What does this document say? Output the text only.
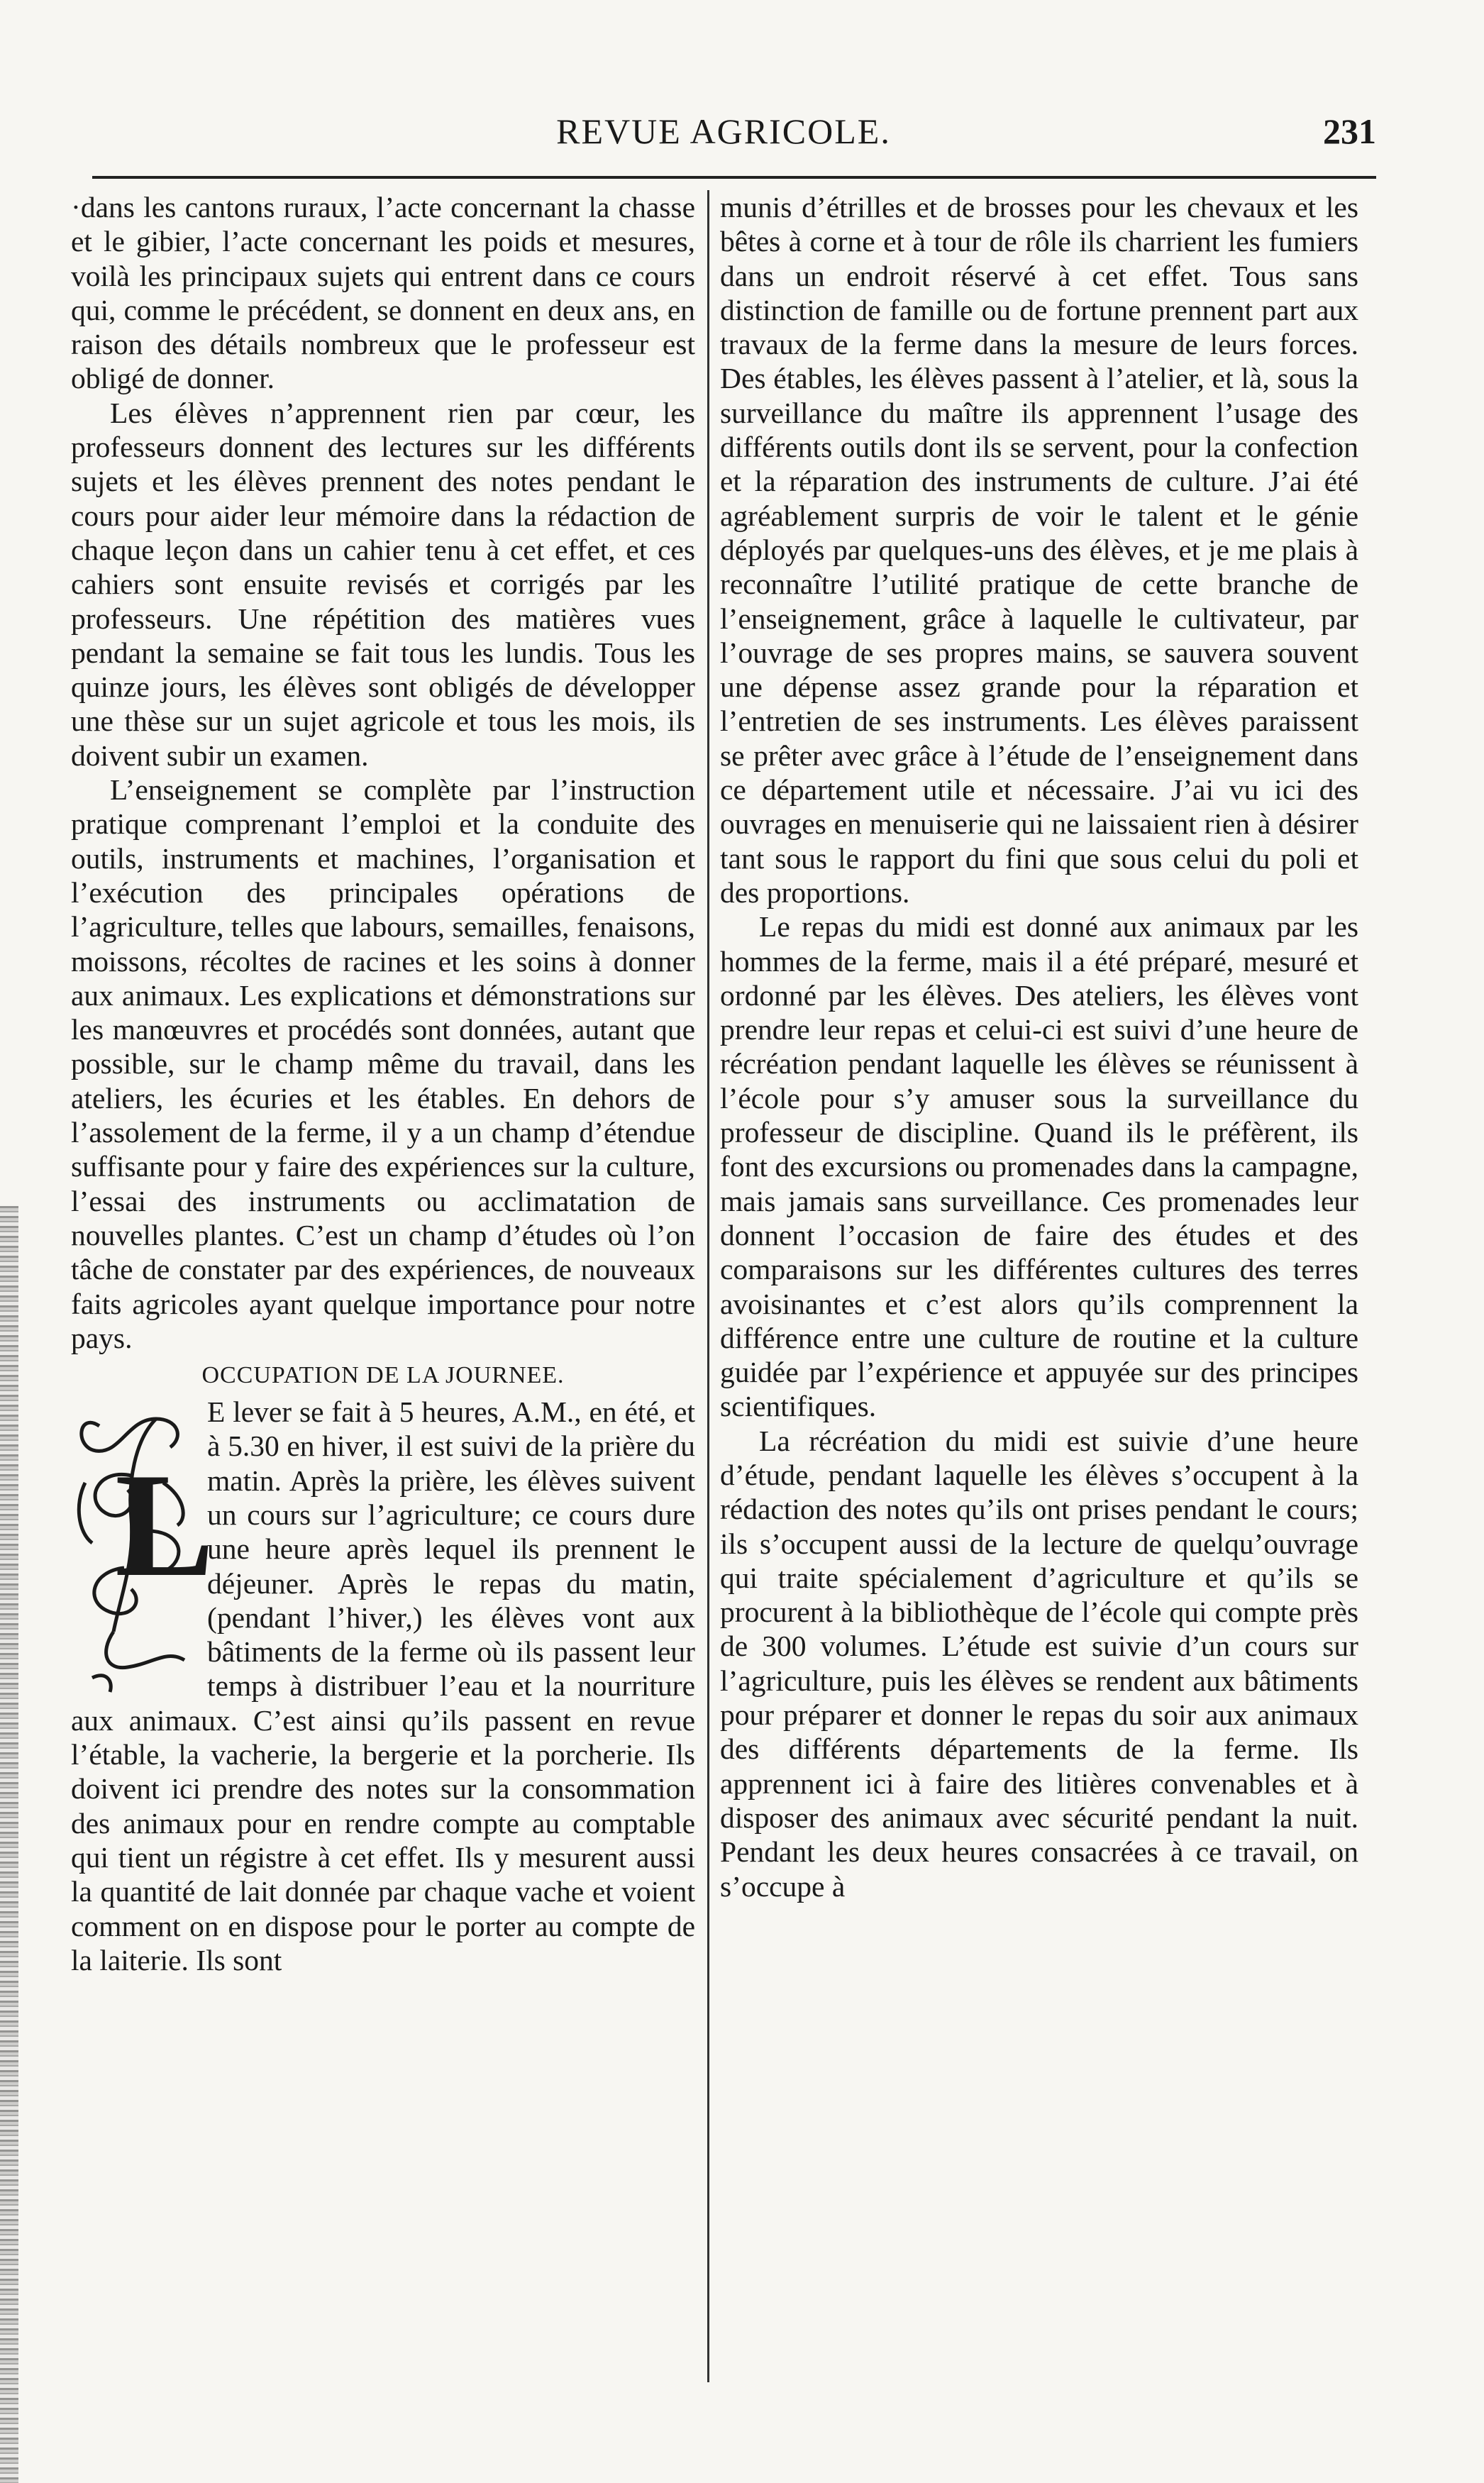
REVUE AGRICOLE.	231

·dans les cantons ruraux, l’acte concernant la chasse et le gibier, l’acte concernant les poids et mesures, voilà les principaux sujets qui entrent dans ce cours qui, comme le précédent, se donnent en deux ans, en raison des détails nombreux que le professeur est obligé de donner.

Les élèves n’apprennent rien par cœur, les professeurs donnent des lectures sur les différents sujets et les élèves prennent des notes pendant le cours pour aider leur mémoire dans la rédaction de chaque leçon dans un cahier tenu à cet effet, et ces cahiers sont ensuite revisés et corrigés par les professeurs. Une répétition des matières vues pendant la semaine se fait tous les lundis. Tous les quinze jours, les élèves sont obligés de développer une thèse sur un sujet agricole et tous les mois, ils doivent subir un examen.

L’enseignement se complète par l’instruction pratique comprenant l’emploi et la conduite des outils, instruments et machines, l’organisation et l’exécution des principales opérations de l’agriculture, telles que labours, semailles, fenaisons, moissons, récoltes de racines et les soins à donner aux animaux. Les explications et démonstrations sur les manœuvres et procédés sont données, autant que possible, sur le champ même du travail, dans les ateliers, les écuries et les étables. En dehors de l’assolement de la ferme, il y a un champ d’étendue suffisante pour y faire des expériences sur la culture, l’essai des instruments ou acclimatation de nouvelles plantes. C’est un champ d’études où l’on tâche de constater par des expériences, de nouveaux faits agricoles ayant quelque importance pour notre pays.

OCCUPATION DE LA JOURNEE.
L

E lever se fait à 5 heures, A.M., en été, et à 5.30 en hiver, il est suivi de la prière du matin. Après la prière, les élèves suivent un cours sur l’agriculture; ce cours dure une heure après lequel ils prennent le déjeuner. Après le repas du matin, (pendant l’hiver,) les élèves vont aux bâtiments de la ferme où ils passent leur temps à distribuer l’eau et la nourriture aux animaux. C’est ainsi qu’ils passent en revue l’étable, la vacherie, la bergerie et la porcherie. Ils doivent ici prendre des notes sur la consommation des animaux pour en rendre compte au comptable qui tient un régistre à cet effet. Ils y mesurent aussi la quantité de lait donnée par chaque vache et voient comment on en dispose pour le porter au compte de la laiterie. Ils sont

munis d’étrilles et de brosses pour les chevaux et les bêtes à corne et à tour de rôle ils charrient les fumiers dans un endroit réservé à cet effet. Tous sans distinction de famille ou de fortune prennent part aux travaux de la ferme dans la mesure de leurs forces. Des étables, les élèves passent à l’atelier, et là, sous la surveillance du maître ils apprennent l’usage des différents outils dont ils se servent, pour la confection et la réparation des instruments de culture. J’ai été agréablement surpris de voir le talent et le génie déployés par quelques-uns des élèves, et je me plais à reconnaître l’utilité pratique de cette branche de l’enseignement, grâce à laquelle le cultivateur, par l’ouvrage de ses propres mains, se sauvera souvent une dépense assez grande pour la réparation et l’entretien de ses instruments. Les élèves paraissent se prêter avec grâce à l’étude de l’enseignement dans ce département utile et nécessaire. J’ai vu ici des ouvrages en menuiserie qui ne laissaient rien à désirer tant sous le rapport du fini que sous celui du poli et des proportions.

Le repas du midi est donné aux animaux par les hommes de la ferme, mais il a été préparé, mesuré et ordonné par les élèves. Des ateliers, les élèves vont prendre leur repas et celui-ci est suivi d’une heure de récréation pendant laquelle les élèves se réunissent à l’école pour s’y amuser sous la surveillance du professeur de discipline. Quand ils le préfèrent, ils font des excursions ou promenades dans la campagne, mais jamais sans surveillance. Ces promenades leur donnent l’occasion de faire des études et des comparaisons sur les différentes cultures des terres avoisinantes et c’est alors qu’ils comprennent la différence entre une culture de routine et la culture guidée par l’expérience et appuyée sur des principes scientifiques.

La récréation du midi est suivie d’une heure d’étude, pendant laquelle les élèves s’occupent à la rédaction des notes qu’ils ont prises pendant le cours; ils s’occupent aussi de la lecture de quelqu’ouvrage qui traite spécialement d’agriculture et qu’ils se procurent à la bibliothèque de l’école qui compte près de 300 volumes. L’étude est suivie d’un cours sur l’agriculture, puis les élèves se rendent aux bâtiments pour préparer et donner le repas du soir aux animaux des différents départements de la ferme. Ils apprennent ici à faire des litières convenables et à disposer des animaux avec sécurité pendant la nuit. Pendant les deux heures consacrées à ce travail, on s’occupe à
